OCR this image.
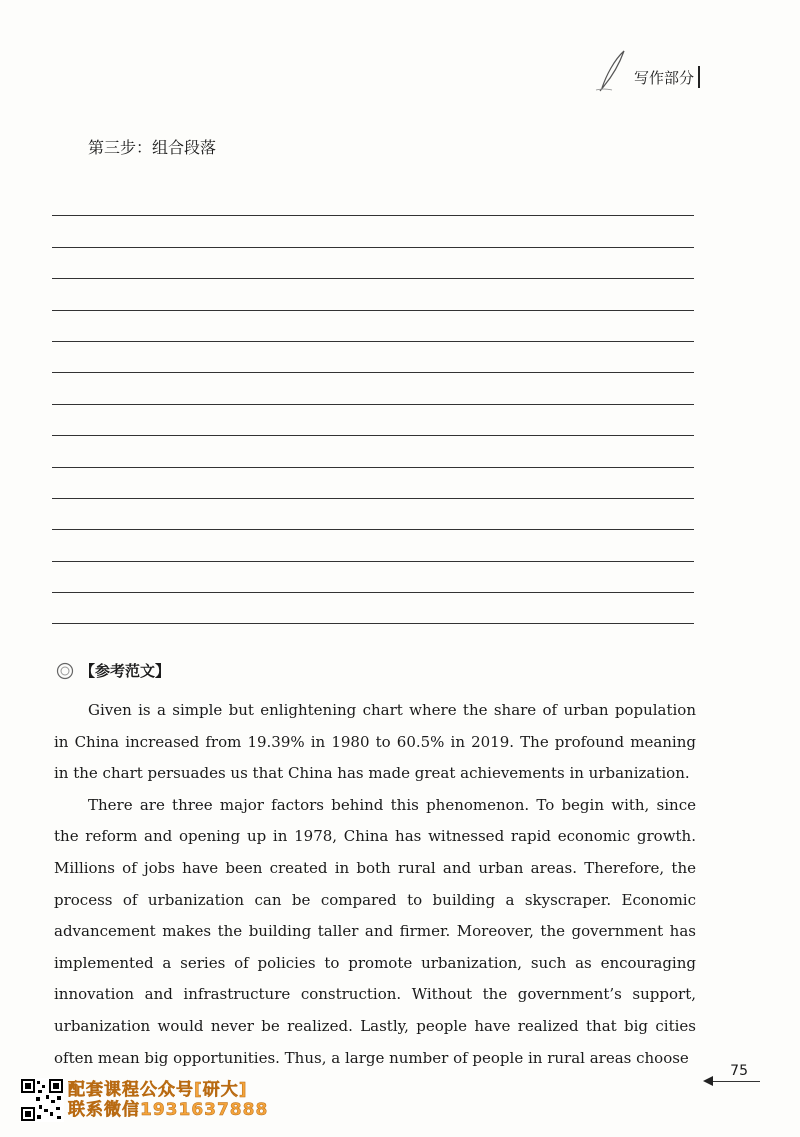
写作部分
第三步：组合段落
【参考范文】

Given is a simple but enlightening chart where the share of urban population in China increased from 19.39% in 1980 to 60.5% in 2019. The profound meaning in the chart persuades us that China has made great achievements in urbanization.

There are three major factors behind this phenomenon. To begin with, since the reform and opening up in 1978, China has witnessed rapid economic growth. Millions of jobs have been created in both rural and urban areas. Therefore, the process of urbanization can be compared to building a skyscraper. Economic advancement makes the building taller and firmer. Moreover, the government has implemented a series of policies to promote urbanization, such as encouraging innovation and infrastructure construction. Without the government’s support, urbanization would never be realized. Lastly, people have realized that big cities often mean big opportunities. Thus, a large number of people in rural areas choose

75
配套课程公众号[研大]
联系微信1931637888
